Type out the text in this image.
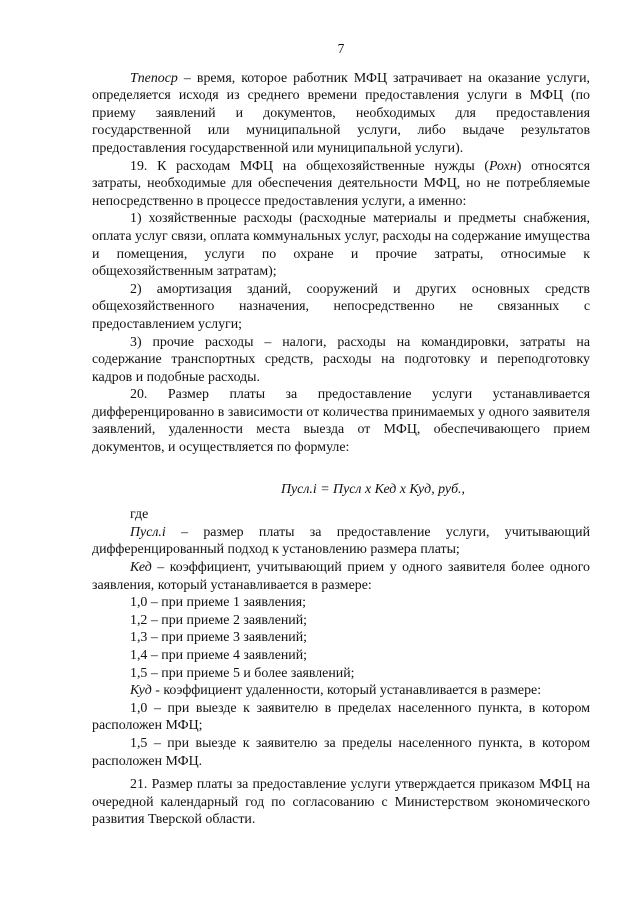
7

Тnепоср – время, которое работник МФЦ затрачивает на оказание услуги, определяется исходя из среднего времени предоставления услуги в МФЦ (по приему заявлений и документов, необходимых для предоставления государственной или муниципальной услуги, либо выдаче результатов предоставления государственной или муниципальной услуги).

19. К расходам МФЦ на общехозяйственные нужды (Рохн) относятся затраты, необходимые для обеспечения деятельности МФЦ, но не потребляемые непосредственно в процессе предоставления услуги, а именно:

1) хозяйственные расходы (расходные материалы и предметы снабжения, оплата услуг связи, оплата коммунальных услуг, расходы на содержание имущества и помещения, услуги по охране и прочие затраты, относимые к общехозяйственным затратам);

2) амортизация зданий, сооружений и других основных средств общехозяйственного назначения, непосредственно не связанных с предоставлением услуги;

3) прочие расходы – налоги, расходы на командировки, затраты на содержание транспортных средств, расходы на подготовку и переподготовку кадров и подобные расходы.

20. Размер платы за предоставление услуги устанавливается дифференцированно в зависимости от количества принимаемых у одного заявителя заявлений, удаленности места выезда от МФЦ, обеспечивающего прием документов, и осуществляется по формуле:

Пусл.i = Пусл х Кед х Куд, руб.,

где

Пусл.i – размер платы за предоставление услуги, учитывающий дифференцированный подход к установлению размера платы;

Кед – коэффициент, учитывающий прием у одного заявителя более одного заявления, который устанавливается в размере:

1,0 – при приеме 1 заявления;

1,2 – при приеме 2 заявлений;

1,3 – при приеме 3 заявлений;

1,4 – при приеме 4 заявлений;

1,5 – при приеме 5 и более заявлений;

Куд - коэффициент удаленности, который устанавливается в размере:

1,0 – при выезде к заявителю в пределах населенного пункта, в котором расположен МФЦ;

1,5 – при выезде к заявителю за пределы населенного пункта, в котором расположен МФЦ.

21. Размер платы за предоставление услуги утверждается приказом МФЦ на очередной календарный год по согласованию с Министерством экономического развития Тверской области.
